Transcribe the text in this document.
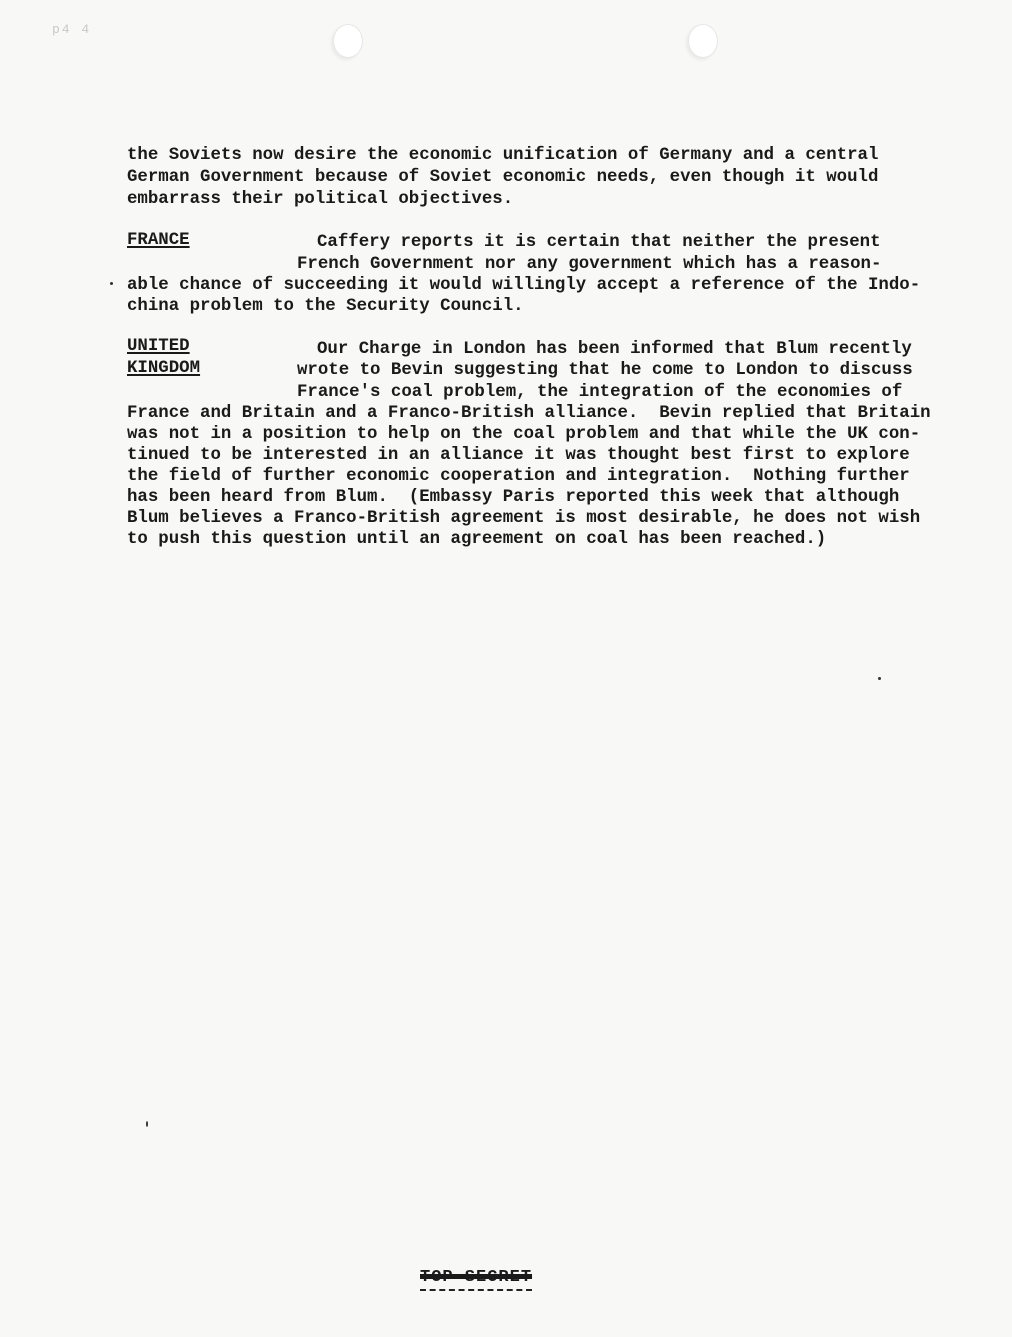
p4 4

the Soviets now desire the economic unification of Germany and a central

German Government because of Soviet economic needs, even though it would

embarrass their political objectives.

FRANCE	Caffery reports it is certain that neither the present

French Government nor any government which has a reason-

able chance of succeeding it would willingly accept a reference of the Indo-

china problem to the Security Council.

UNITED

KINGDOM

Our Charge in London has been informed that Blum recently

wrote to Bevin suggesting that he come to London to discuss

France's coal problem, the integration of the economies of

France and Britain and a Franco-British alliance.  Bevin replied that Britain

was not in a position to help on the coal problem and that while the UK con-

tinued to be interested in an alliance it was thought best first to explore

the field of further economic cooperation and integration.  Nothing further

has been heard from Blum.  (Embassy Paris reported this week that although

Blum believes a Franco-British agreement is most desirable, he does not wish

to push this question until an agreement on coal has been reached.)

TOP SECRET
